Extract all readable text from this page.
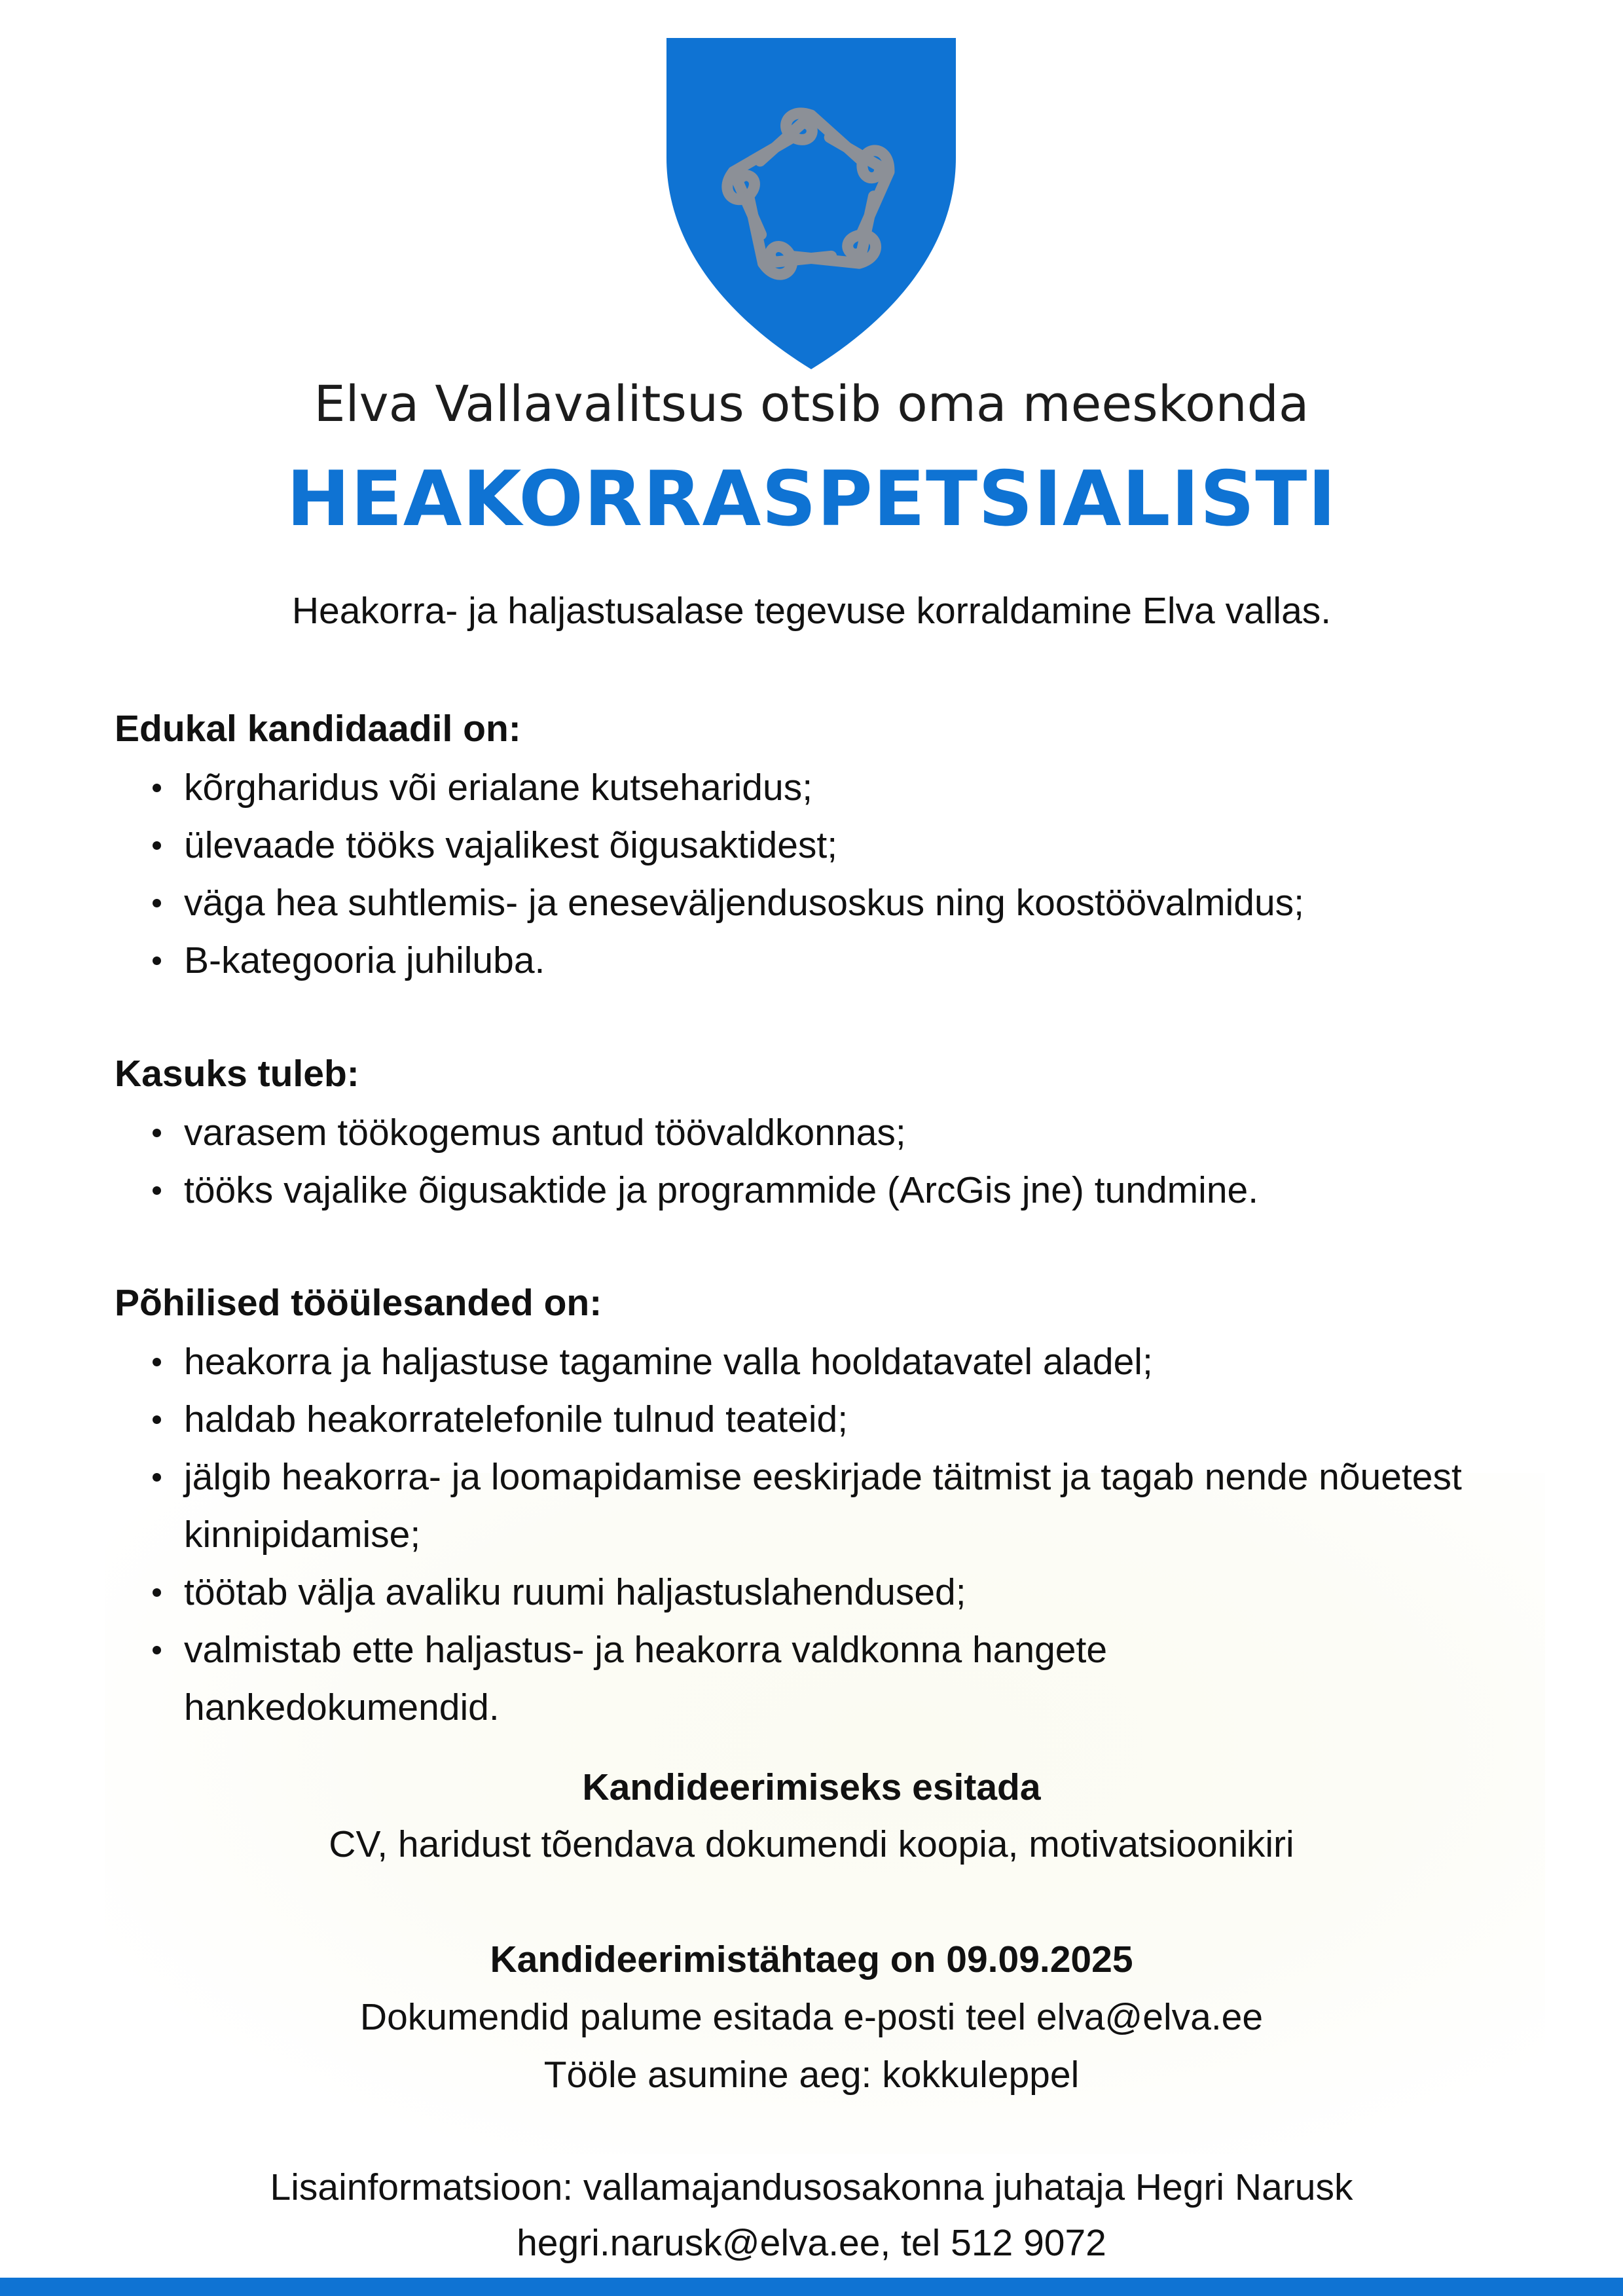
Elva Vallavalitsus otsib oma meeskonda
HEAKORRASPETSIALISTI
Heakorra- ja haljastusalase tegevuse korraldamine Elva vallas.
Edukal kandidaadil on:
kõrgharidus või erialane kutseharidus;
ülevaade tööks vajalikest õigusaktidest;
väga hea suhtlemis- ja eneseväljendusoskus ning koostöövalmidus;
B-kategooria juhiluba.
Kasuks tuleb:
varasem töökogemus antud töövaldkonnas;
tööks vajalike õigusaktide ja programmide (ArcGis jne) tundmine.
Põhilised tööülesanded on:
heakorra ja haljastuse tagamine valla hooldatavatel aladel;
haldab heakorratelefonile tulnud teateid;
jälgib heakorra- ja loomapidamise eeskirjade täitmist ja tagab nende nõuetest kinnipidamise;
töötab välja avaliku ruumi haljastuslahendused;
valmistab ette haljastus- ja heakorra valdkonna hangete hankedokumendid.
Kandideerimiseks esitada
CV, haridust tõendava dokumendi koopia, motivatsioonikiri
Kandideerimistähtaeg on 09.09.2025
Dokumendid palume esitada e-posti teel elva@elva.ee
Tööle asumine aeg: kokkuleppel
Lisainformatsioon: vallamajandusosakonna juhataja Hegri Narusk
hegri.narusk@elva.ee, tel 512 9072
